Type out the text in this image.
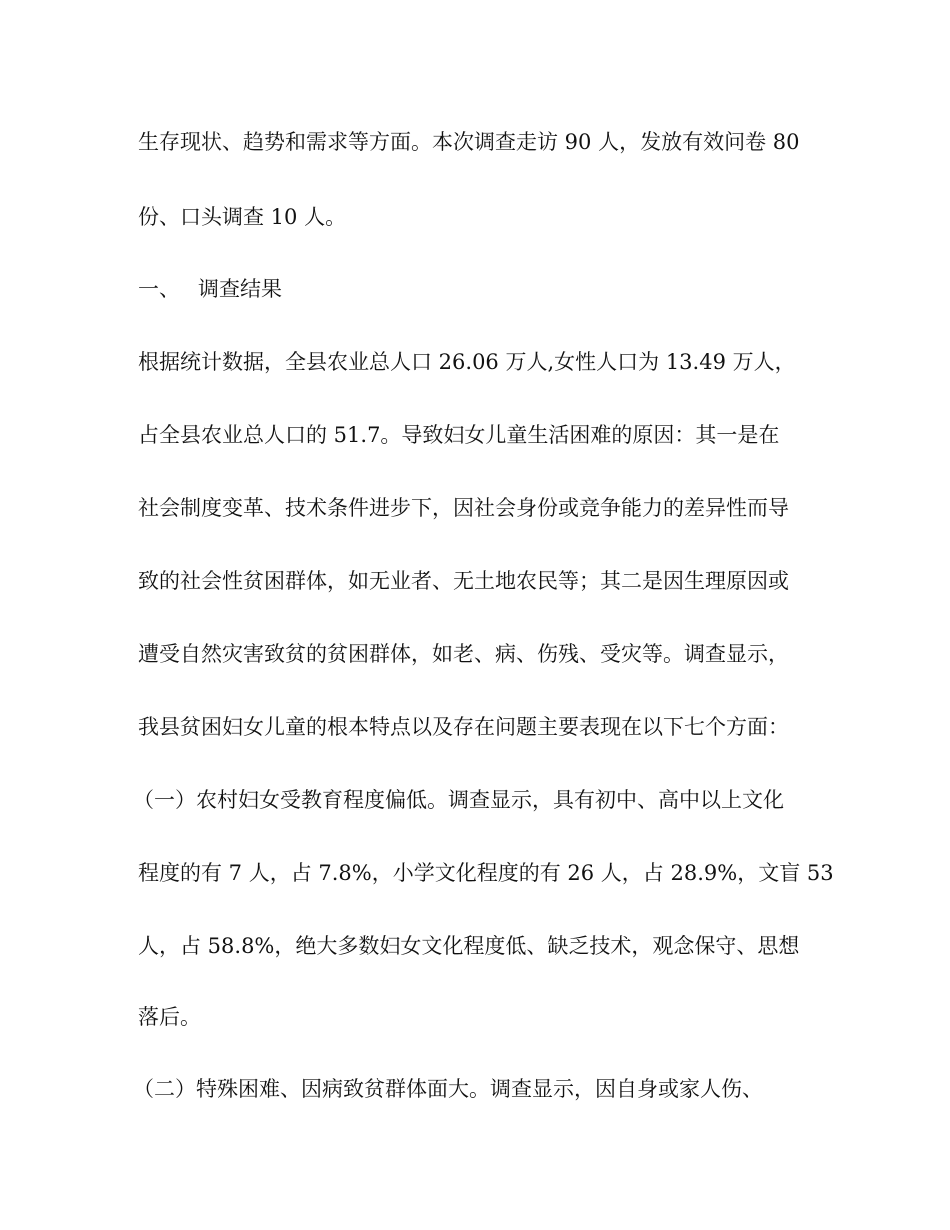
生存现状、趋势和需求等方面。本次调查走访 90 人，发放有效问卷 80
份、口头调查 10 人。
一、 调查结果
根据统计数据，全县农业总人口 26.06 万人,女性人口为 13.49 万人，
占全县农业总人口的 51.7。导致妇女儿童生活困难的原因：其一是在
社会制度变革、技术条件进步下，因社会身份或竞争能力的差异性而导
致的社会性贫困群体，如无业者、无土地农民等；其二是因生理原因或
遭受自然灾害致贫的贫困群体，如老、病、伤残、受灾等。调查显示，
我县贫困妇女儿童的根本特点以及存在问题主要表现在以下七个方面：
（一）农村妇女受教育程度偏低。调查显示，具有初中、高中以上文化
程度的有 7 人，占 7.8%，小学文化程度的有 26 人，占 28.9%，文盲 53
人，占 58.8%，绝大多数妇女文化程度低、缺乏技术，观念保守、思想
落后。
（二）特殊困难、因病致贫群体面大。调查显示，因自身或家人伤、
